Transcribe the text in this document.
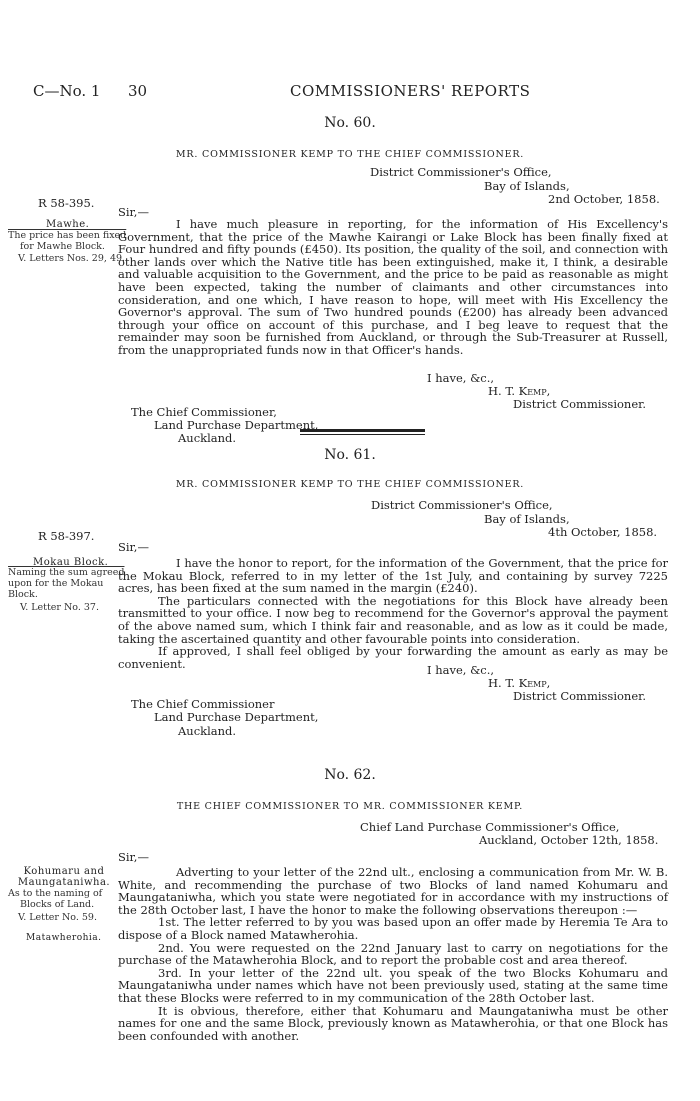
C—No. 1 30	COMMISSIONERS' REPORTS
No. 60.
MR. COMMISSIONER KEMP TO THE CHIEF COMMISSIONER.
District Commissioner's Office,
Bay of Islands,
2nd October, 1858.
R 58-395.
Sir,—
Mawhe.
The price has been fixed
for Mawhe Block.
V. Letters Nos. 29, 49.

I have much pleasure in reporting, for the information of His Excellency's Government, that the price of the Mawhe Kairangi or Lake Block has been finally fixed at Four hundred and fifty pounds (£450). Its position, the quality of the soil, and connection with other lands over which the Native title has been extinguished, make it, I think, a desirable and valuable acquisition to the Government, and the price to be paid as reasonable as might have been expected, taking the number of claimants and other circumstances into consideration, and one which, I have reason to hope, will meet with His Excellency the Governor's approval. The sum of Two hundred pounds (£200) has already been advanced through your office on account of this purchase, and I beg leave to request that the remainder may soon be furnished from Auckland, or through the Sub-Treasurer at Russell, from the unappropriated funds now in that Officer's hands.

I have, &c.,
H. T. Kemp,
District Commissioner.
The Chief Commissioner,
Land Purchase Department,
Auckland.
No. 61.
MR. COMMISSIONER KEMP TO THE CHIEF COMMISSIONER.
District Commissioner's Office,
Bay of Islands,
4th October, 1858.
R 58-397.
Sir,—
Mokau Block.
Naming the sum agreed
upon for the Mokau
Block.
V. Letter No. 37.

I have the honor to report, for the information of the Government, that the price for the Mokau Block, referred to in my letter of the 1st July, and containing by survey 7225 acres, has been fixed at the sum named in the margin (£240).

The particulars connected with the negotiations for this Block have already been transmitted to your office. I now beg to recommend for the Governor's approval the payment of the above named sum, which I think fair and reasonable, and as low as it could be made, taking the ascertained quantity and other favourable points into consideration.

If approved, I shall feel obliged by your forwarding the amount as early as may be convenient.	I have, &c.,
H. T. Kemp,
District Commissioner.
The Chief Commissioner
Land Purchase Department,
Auckland.
No. 62.
THE CHIEF COMMISSIONER TO MR. COMMISSIONER KEMP.
Chief Land Purchase Commissioner's Office,
Auckland, October 12th, 1858.
Sir,—
Kohumaru and Maungataniwha.
As to the naming of
Blocks of Land.
V. Letter No. 59.
Matawherohia.

Adverting to your letter of the 22nd ult., enclosing a communication from Mr. W. B. White, and recommending the purchase of two Blocks of land named Kohumaru and Maungataniwha, which you state were negotiated for in accordance with my instructions of the 28th October last, I have the honor to make the following observations thereupon :—

1st. The letter referred to by you was based upon an offer made by Heremia Te Ara to dispose of a Block named Matawherohia.

2nd. You were requested on the 22nd January last to carry on negotiations for the purchase of the Matawherohia Block, and to report the probable cost and area thereof.

3rd. In your letter of the 22nd ult. you speak of the two Blocks Kohumaru and Maungataniwha under names which have not been previously used, stating at the same time that these Blocks were referred to in my communication of the 28th October last.

It is obvious, therefore, either that Kohumaru and Maungataniwha must be other names for one and the same Block, previously known as Matawherohia, or that one Block has been confounded with another.
